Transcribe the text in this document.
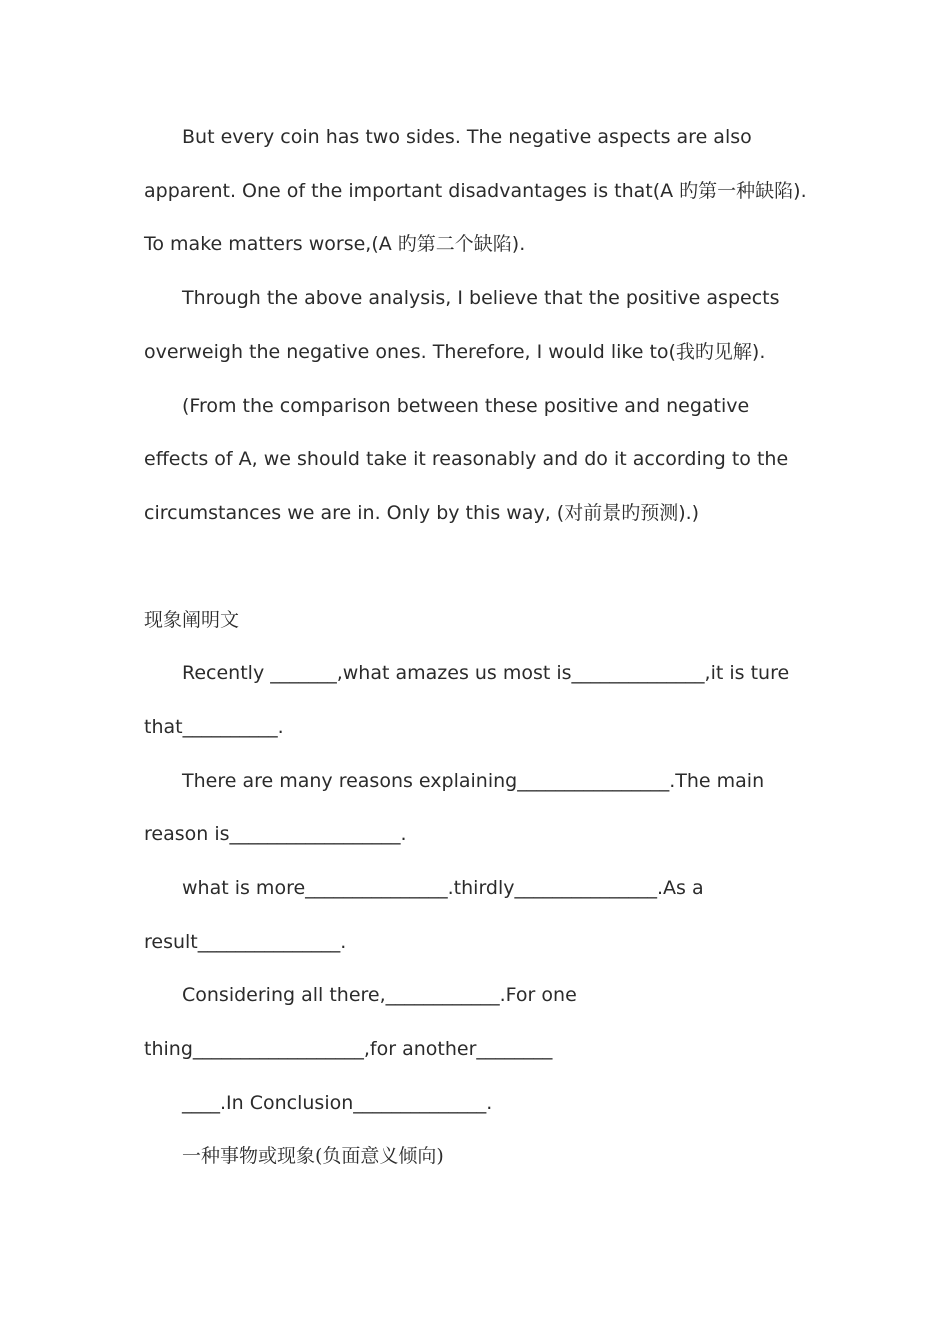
But every coin has two sides. The negative aspects are also
apparent. One of the important disadvantages is that(A 旳第一种缺陷).
To make matters worse,(A 旳第二个缺陷).
Through the above analysis, I believe that the positive aspects
overweigh the negative ones. Therefore, I would like to(我旳见解).
(From the comparison between these positive and negative
effects of A, we should take it reasonably and do it according to the
circumstances we are in. Only by this way, (对前景旳预测).)
现象阐明文
Recently _______,what amazes us most is______________,it is ture
that__________.
There are many reasons explaining________________.The main
reason is__________________.
what is more_______________.thirdly_______________.As a
result_______________.
Considering all there,____________.For one
thing__________________,for another________
____.In Conclusion______________.
一种事物或现象(负面意义倾向)
